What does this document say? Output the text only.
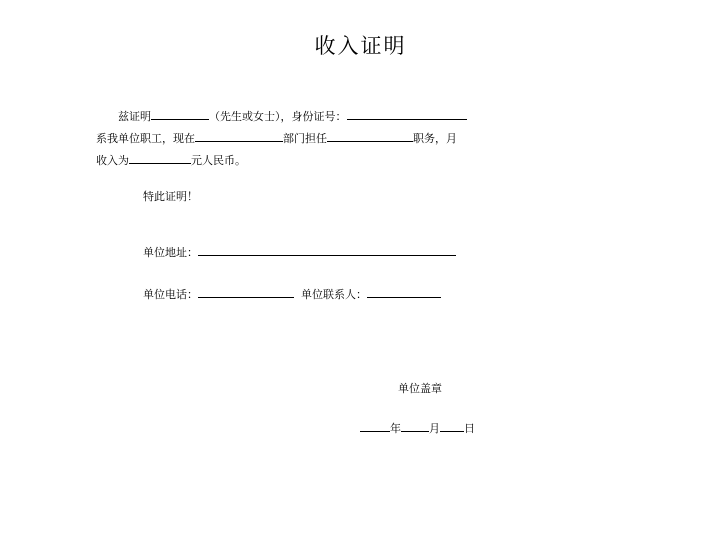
收入证明

兹证明	（先生或女士），身份证号：

系我单位职工，现在	部门担任	职务，月

收入为	元人民币。

特此证明！
单位地址：
单位电话：	单位联系人：
单位盖章
年	月 日
